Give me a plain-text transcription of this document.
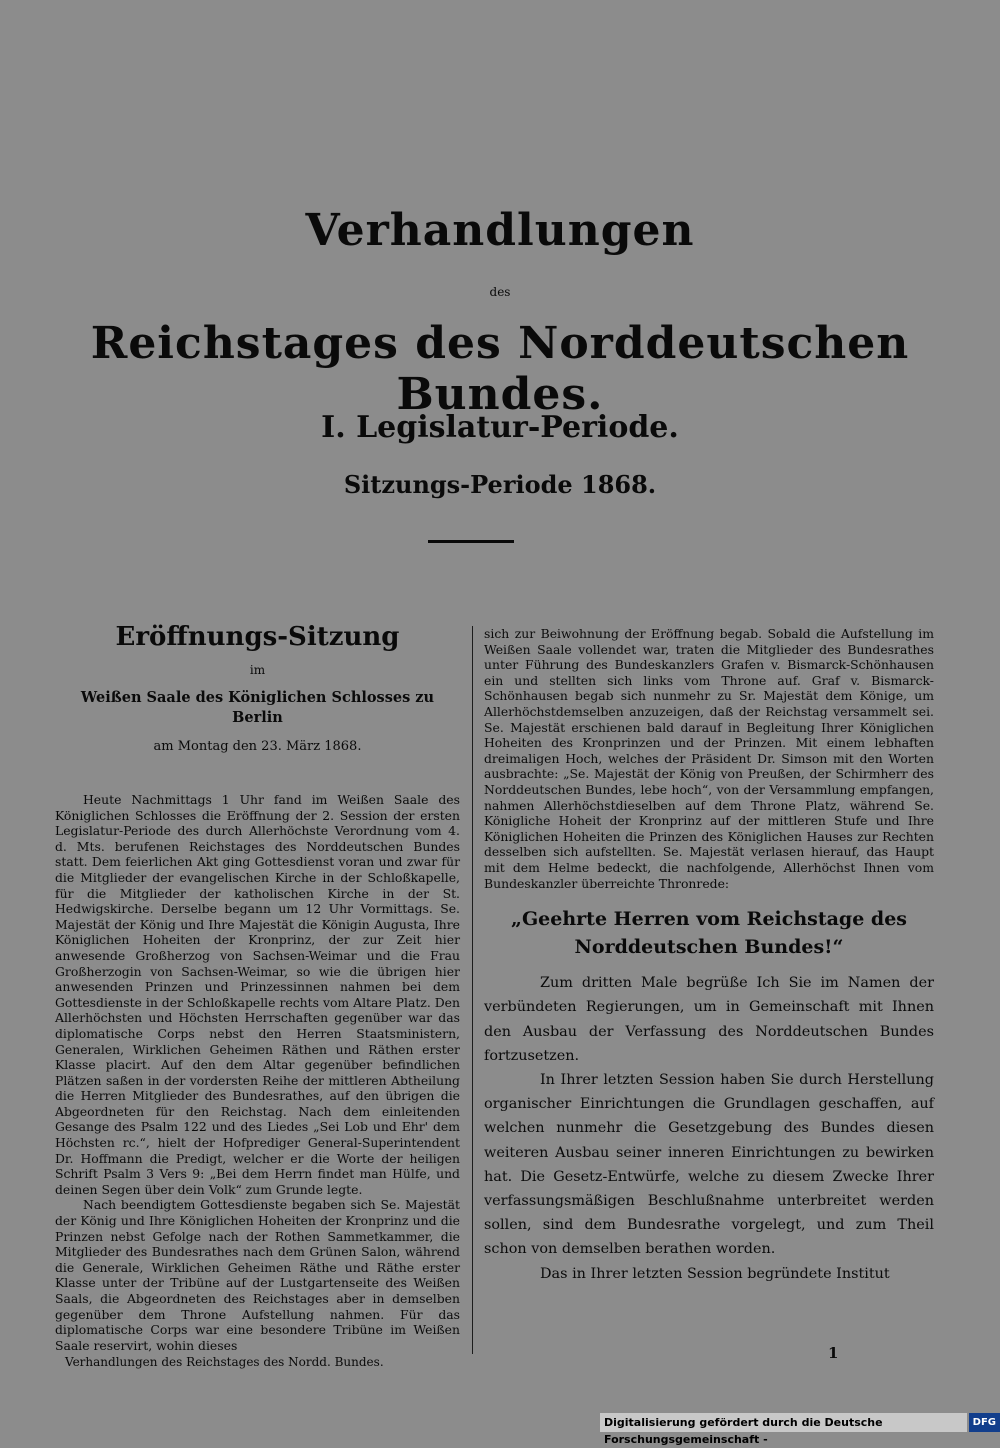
Verhandlungen
des
Reichstages des Norddeutschen Bundes.
I. Legislatur-Periode.
Sitzungs-Periode 1868.
Eröffnungs-Sitzung
im
Weißen Saale des Königlichen Schlosses zu Berlin
am Montag den 23. März 1868.

Heute Nachmittags 1 Uhr fand im Weißen Saale des Königlichen Schlosses die Eröffnung der 2. Session der ersten Legislatur-Periode des durch Allerhöchste Verordnung vom 4. d. Mts. berufenen Reichstages des Norddeutschen Bundes statt. Dem feierlichen Akt ging Gottesdienst voran und zwar für die Mitglieder der evangelischen Kirche in der Schloßkapelle, für die Mitglieder der katholischen Kirche in der St. Hedwigskirche. Derselbe begann um 12 Uhr Vormittags. Se. Majestät der König und Ihre Majestät die Königin Augusta, Ihre Königlichen Hoheiten der Kronprinz, der zur Zeit hier anwesende Großherzog von Sachsen-Weimar und die Frau Großherzogin von Sachsen-Weimar, so wie die übrigen hier anwesenden Prinzen und Prinzessinnen nahmen bei dem Gottesdienste in der Schloßkapelle rechts vom Altare Platz. Den Allerhöchsten und Höchsten Herrschaften gegenüber war das diplomatische Corps nebst den Herren Staatsministern, Generalen, Wirklichen Geheimen Räthen und Räthen erster Klasse placirt. Auf den dem Altar gegenüber befindlichen Plätzen saßen in der vordersten Reihe der mittleren Abtheilung die Herren Mitglieder des Bundesrathes, auf den übrigen die Abgeordneten für den Reichstag. Nach dem einleitenden Gesange des Psalm 122 und des Liedes „Sei Lob und Ehr' dem Höchsten rc.“, hielt der Hofprediger General-Superintendent Dr. Hoffmann die Predigt, welcher er die Worte der heiligen Schrift Psalm 3 Vers 9: „Bei dem Herrn findet man Hülfe, und deinen Segen über dein Volk“ zum Grunde legte.

Nach beendigtem Gottesdienste begaben sich Se. Majestät der König und Ihre Königlichen Hoheiten der Kronprinz und die Prinzen nebst Gefolge nach der Rothen Sammetkammer, die Mitglieder des Bundesrathes nach dem Grünen Salon, während die Generale, Wirklichen Geheimen Räthe und Räthe erster Klasse unter der Tribüne auf der Lustgartenseite des Weißen Saals, die Abgeordneten des Reichstages aber in demselben gegenüber dem Throne Aufstellung nahmen. Für das diplomatische Corps war eine besondere Tribüne im Weißen Saale reservirt, wohin dieses

Verhandlungen des Reichstages des Nordd. Bundes.

sich zur Beiwohnung der Eröffnung begab. Sobald die Aufstellung im Weißen Saale vollendet war, traten die Mitglieder des Bundesrathes unter Führung des Bundeskanzlers Grafen v. Bismarck-Schönhausen ein und stellten sich links vom Throne auf. Graf v. Bismarck-Schönhausen begab sich nunmehr zu Sr. Majestät dem Könige, um Allerhöchstdemselben anzuzeigen, daß der Reichstag versammelt sei. Se. Majestät erschienen bald darauf in Begleitung Ihrer Königlichen Hoheiten des Kronprinzen und der Prinzen. Mit einem lebhaften dreimaligen Hoch, welches der Präsident Dr. Simson mit den Worten ausbrachte: „Se. Majestät der König von Preußen, der Schirmherr des Norddeutschen Bundes, lebe hoch“, von der Versammlung empfangen, nahmen Allerhöchstdieselben auf dem Throne Platz, während Se. Königliche Hoheit der Kronprinz auf der mittleren Stufe und Ihre Königlichen Hoheiten die Prinzen des Königlichen Hauses zur Rechten desselben sich aufstellten. Se. Majestät verlasen hierauf, das Haupt mit dem Helme bedeckt, die nachfolgende, Allerhöchst Ihnen vom Bundeskanzler überreichte Thronrede:

„Geehrte Herren vom Reichstage des
Norddeutschen Bundes!“

Zum dritten Male begrüße Ich Sie im Namen der verbündeten Regierungen, um in Gemeinschaft mit Ihnen den Ausbau der Verfassung des Norddeutschen Bundes fortzusetzen.

In Ihrer letzten Session haben Sie durch Herstellung organischer Einrichtungen die Grundlagen geschaffen, auf welchen nunmehr die Gesetzgebung des Bundes diesen weiteren Ausbau seiner inneren Einrichtungen zu bewirken hat. Die Gesetz-Entwürfe, welche zu diesem Zwecke Ihrer verfassungsmäßigen Beschlußnahme unterbreitet werden sollen, sind dem Bundesrathe vorgelegt, und zum Theil schon von demselben berathen worden.

Das in Ihrer letzten Session begründete Institut

1
Digitalisierung gefördert durch die Deutsche Forschungsgemeinschaft -
DFG
